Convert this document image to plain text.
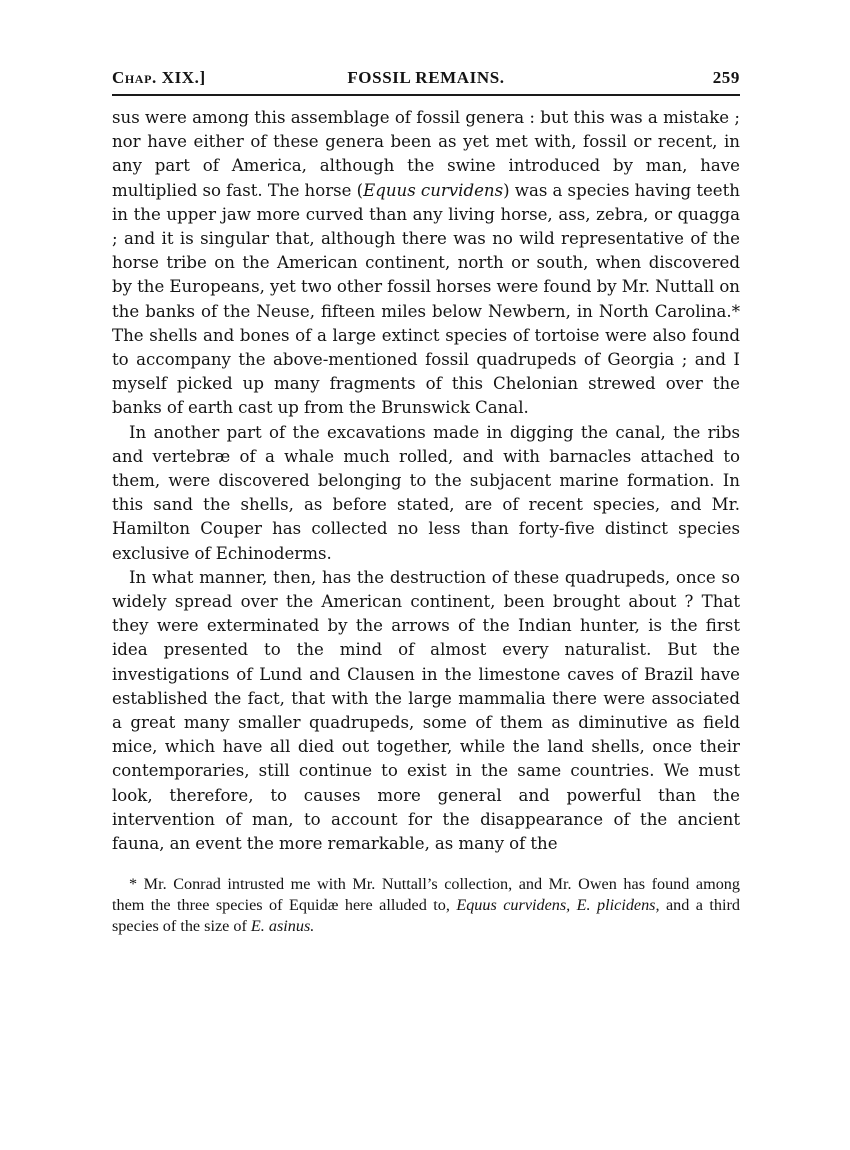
Chap. XIX.]	FOSSIL REMAINS.	259

sus were among this assemblage of fossil genera : but this was a mistake ; nor have either of these genera been as yet met with, fossil or recent, in any part of America, although the swine introduced by man, have multiplied so fast. The horse (Equus curvidens) was a species having teeth in the upper jaw more curved than any living horse, ass, zebra, or quagga ; and it is singular that, although there was no wild representative of the horse tribe on the American continent, north or south, when discovered by the Europeans, yet two other fossil horses were found by Mr. Nuttall on the banks of the Neuse, fifteen miles below Newbern, in North Carolina.* The shells and bones of a large extinct species of tortoise were also found to accompany the above-mentioned fossil quadrupeds of Georgia ; and I myself picked up many fragments of this Chelonian strewed over the banks of earth cast up from the Brunswick Canal.

In another part of the excavations made in digging the canal, the ribs and vertebræ of a whale much rolled, and with barnacles attached to them, were discovered belonging to the subjacent marine formation. In this sand the shells, as before stated, are of recent species, and Mr. Hamilton Couper has collected no less than forty-five distinct species exclusive of Echinoderms.

In what manner, then, has the destruction of these quadrupeds, once so widely spread over the American continent, been brought about ? That they were exterminated by the arrows of the Indian hunter, is the first idea presented to the mind of almost every naturalist. But the investigations of Lund and Clausen in the limestone caves of Brazil have established the fact, that with the large mammalia there were associated a great many smaller quadrupeds, some of them as diminutive as field mice, which have all died out together, while the land shells, once their contemporaries, still continue to exist in the same countries. We must look, therefore, to causes more general and powerful than the intervention of man, to account for the disappearance of the ancient fauna, an event the more remarkable, as many of the

* Mr. Conrad intrusted me with Mr. Nuttall’s collection, and Mr. Owen has found among them the three species of Equidæ here alluded to, Equus curvidens, E. plicidens, and a third species of the size of E. asinus.
